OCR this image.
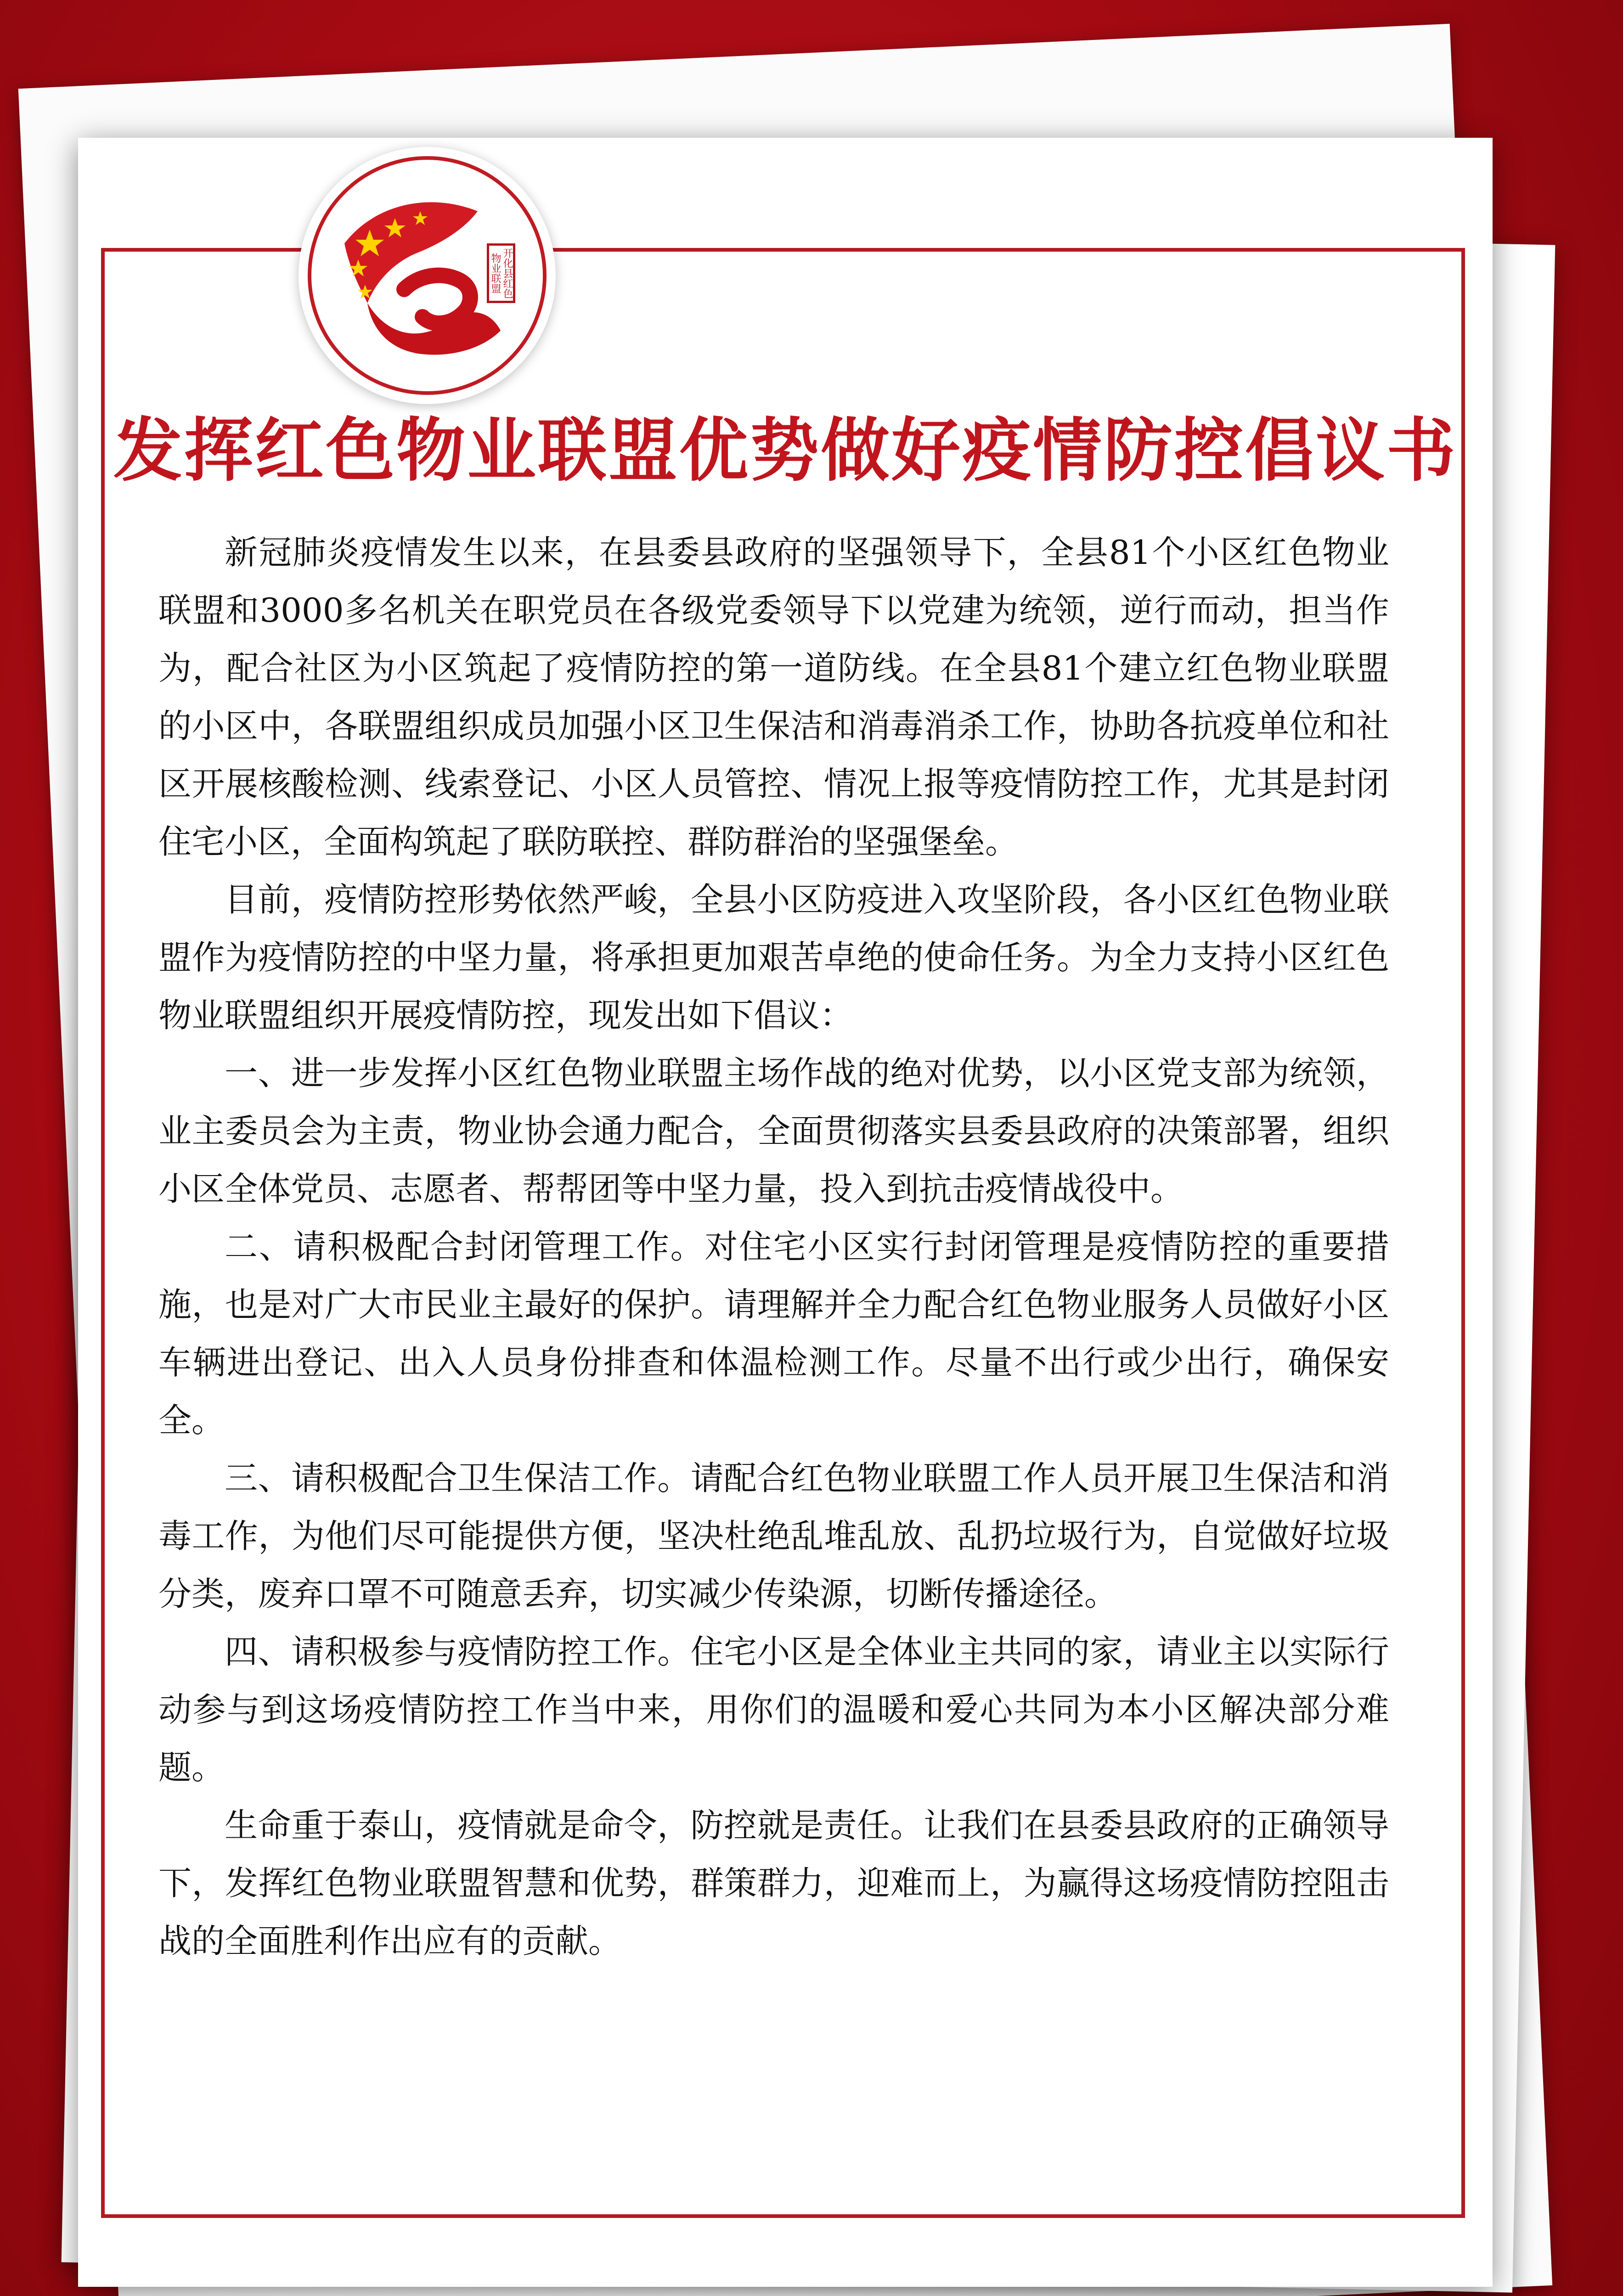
开化县红色物业联盟
发挥红色物业联盟优势做好疫情防控倡议书

新冠肺炎疫情发生以来，在县委县政府的坚强领导下，全县81个小区红色物业联盟和3000多名机关在职党员在各级党委领导下以党建为统领，逆行而动，担当作为，配合社区为小区筑起了疫情防控的第一道防线。在全县81个建立红色物业联盟的小区中，各联盟组织成员加强小区卫生保洁和消毒消杀工作，协助各抗疫单位和社区开展核酸检测、线索登记、小区人员管控、情况上报等疫情防控工作，尤其是封闭住宅小区，全面构筑起了联防联控、群防群治的坚强堡垒。

目前，疫情防控形势依然严峻，全县小区防疫进入攻坚阶段，各小区红色物业联盟作为疫情防控的中坚力量，将承担更加艰苦卓绝的使命任务。为全力支持小区红色物业联盟组织开展疫情防控，现发出如下倡议：

一、进一步发挥小区红色物业联盟主场作战的绝对优势，以小区党支部为统领，业主委员会为主责，物业协会通力配合，全面贯彻落实县委县政府的决策部署，组织小区全体党员、志愿者、帮帮团等中坚力量，投入到抗击疫情战役中。

二、请积极配合封闭管理工作。对住宅小区实行封闭管理是疫情防控的重要措施，也是对广大市民业主最好的保护。请理解并全力配合红色物业服务人员做好小区车辆进出登记、出入人员身份排查和体温检测工作。尽量不出行或少出行，确保安全。

三、请积极配合卫生保洁工作。请配合红色物业联盟工作人员开展卫生保洁和消毒工作，为他们尽可能提供方便，坚决杜绝乱堆乱放、乱扔垃圾行为，自觉做好垃圾分类，废弃口罩不可随意丢弃，切实减少传染源，切断传播途径。

四、请积极参与疫情防控工作。住宅小区是全体业主共同的家，请业主以实际行动参与到这场疫情防控工作当中来，用你们的温暖和爱心共同为本小区解决部分难题。

生命重于泰山，疫情就是命令，防控就是责任。让我们在县委县政府的正确领导下，发挥红色物业联盟智慧和优势，群策群力，迎难而上，为赢得这场疫情防控阻击战的全面胜利作出应有的贡献。
